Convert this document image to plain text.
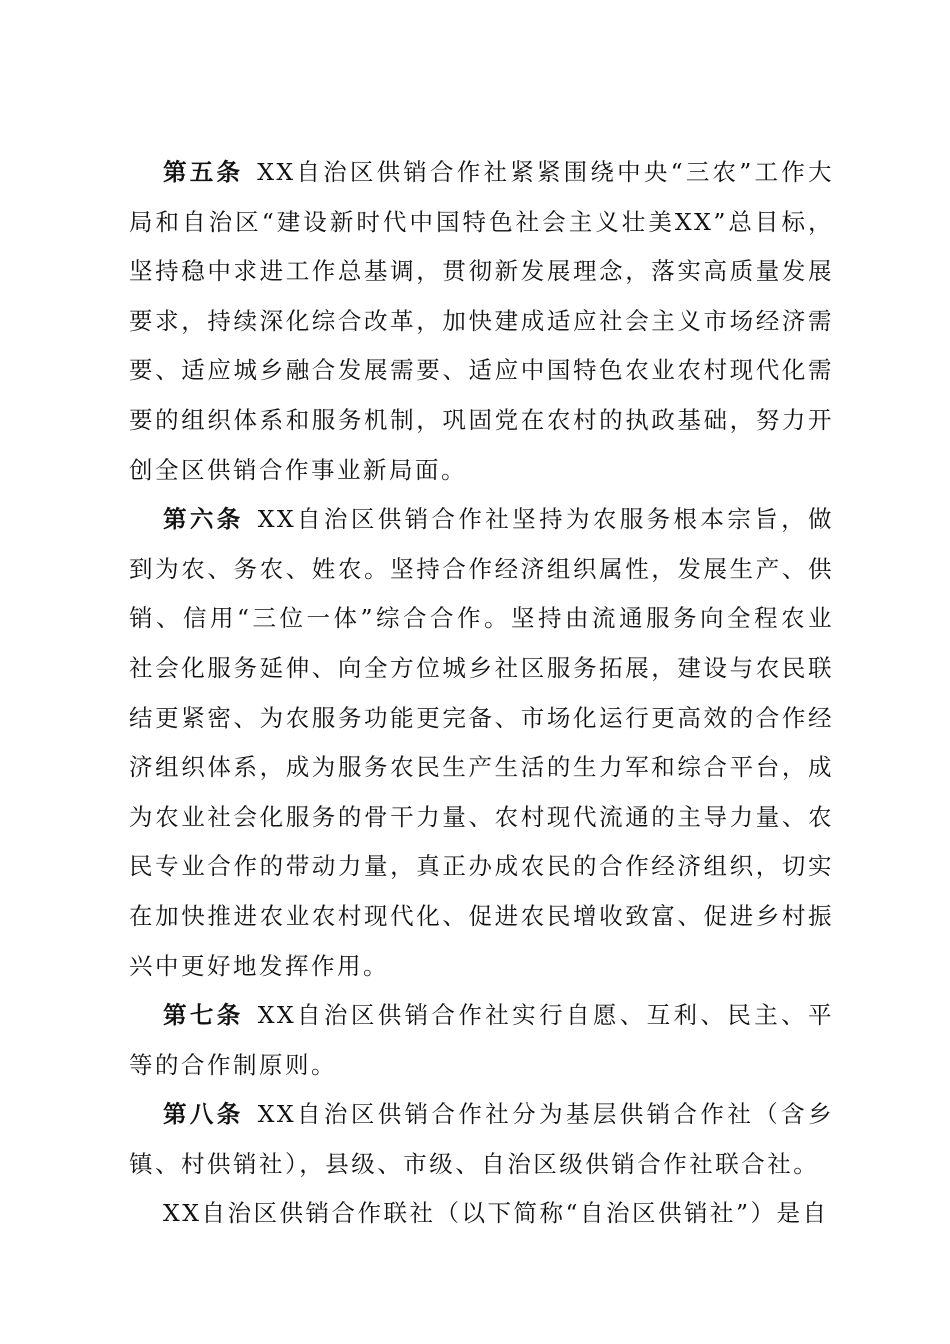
第五条 XX自治区供销合作社紧紧围绕中央“三农”工作大局和自治区“建设新时代中国特色社会主义壮美XX”总目标，坚持稳中求进工作总基调，贯彻新发展理念，落实高质量发展要求，持续深化综合改革，加快建成适应社会主义市场经济需要、适应城乡融合发展需要、适应中国特色农业农村现代化需要的组织体系和服务机制，巩固党在农村的执政基础，努力开创全区供销合作事业新局面。

第六条 XX自治区供销合作社坚持为农服务根本宗旨，做到为农、务农、姓农。坚持合作经济组织属性，发展生产、供销、信用“三位一体”综合合作。坚持由流通服务向全程农业社会化服务延伸、向全方位城乡社区服务拓展，建设与农民联结更紧密、为农服务功能更完备、市场化运行更高效的合作经济组织体系，成为服务农民生产生活的生力军和综合平台，成为农业社会化服务的骨干力量、农村现代流通的主导力量、农民专业合作的带动力量，真正办成农民的合作经济组织，切实在加快推进农业农村现代化、促进农民增收致富、促进乡村振兴中更好地发挥作用。

第七条 XX自治区供销合作社实行自愿、互利、民主、平等的合作制原则。

第八条 XX自治区供销合作社分为基层供销合作社（含乡镇、村供销社），县级、市级、自治区级供销合作社联合社。

XX自治区供销合作联社（以下简称“自治区供销社”）是自
